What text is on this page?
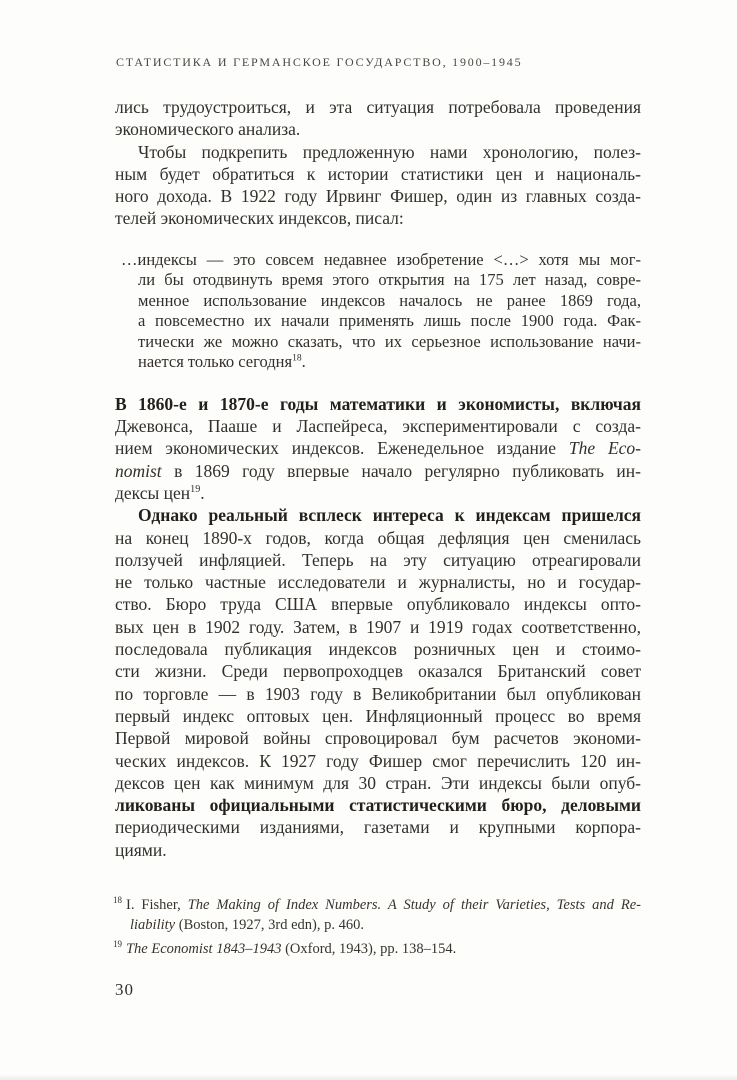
СТАТИСТИКА И ГЕРМАНСКОЕ ГОСУДАРСТВО, 1900–1945
лись трудоустроиться, и эта ситуация потребовала проведения
экономического анализа.
Чтобы подкрепить предложенную нами хронологию, полез-
ным будет обратиться к истории статистики цен и националь-
ного дохода. В 1922 году Ирвинг Фишер, один из главных созда-
телей экономических индексов, писал:
…индексы — это совсем недавнее изобретение <…> хотя мы мог-
ли бы отодвинуть время этого открытия на 175 лет назад, совре-
менное использование индексов началось не ранее 1869 года,
а повсеместно их начали применять лишь после 1900 года. Фак-
тически же можно сказать, что их серьезное использование начи-
нается только сегодня$^{18}$.
В 1860-е и 1870-е годы математики и экономисты, включая
Джевонса, Пааше и Ласпейреса, экспериментировали с созда-
нием экономических индексов. Еженедельное издание The Eco-
nomist в 1869 году впервые начало регулярно публиковать ин-
дексы цен$^{19}$.
Однако реальный всплеск интереса к индексам пришелся
на конец 1890-х годов, когда общая дефляция цен сменилась
ползучей инфляцией. Теперь на эту ситуацию отреагировали
не только частные исследователи и журналисты, но и государ-
ство. Бюро труда США впервые опубликовало индексы опто-
вых цен в 1902 году. Затем, в 1907 и 1919 годах соответственно,
последовала публикация индексов розничных цен и стоимо-
сти жизни. Среди первопроходцев оказался Британский совет
по торговле — в 1903 году в Великобритании был опубликован
первый индекс оптовых цен. Инфляционный процесс во время
Первой мировой войны спровоцировал бум расчетов экономи-
ческих индексов. К 1927 году Фишер смог перечислить 120 ин-
дексов цен как минимум для 30 стран. Эти индексы были опуб-
ликованы официальными статистическими бюро, деловыми
периодическими изданиями, газетами и крупными корпора-
циями.
$^{18}$ I. Fisher, The Making of Index Numbers. A Study of their Varieties, Tests and Re-
liability (Boston, 1927, 3rd edn), p. 460.
$^{19}$ The Economist 1843–1943 (Oxford, 1943), pp. 138–154.
30
